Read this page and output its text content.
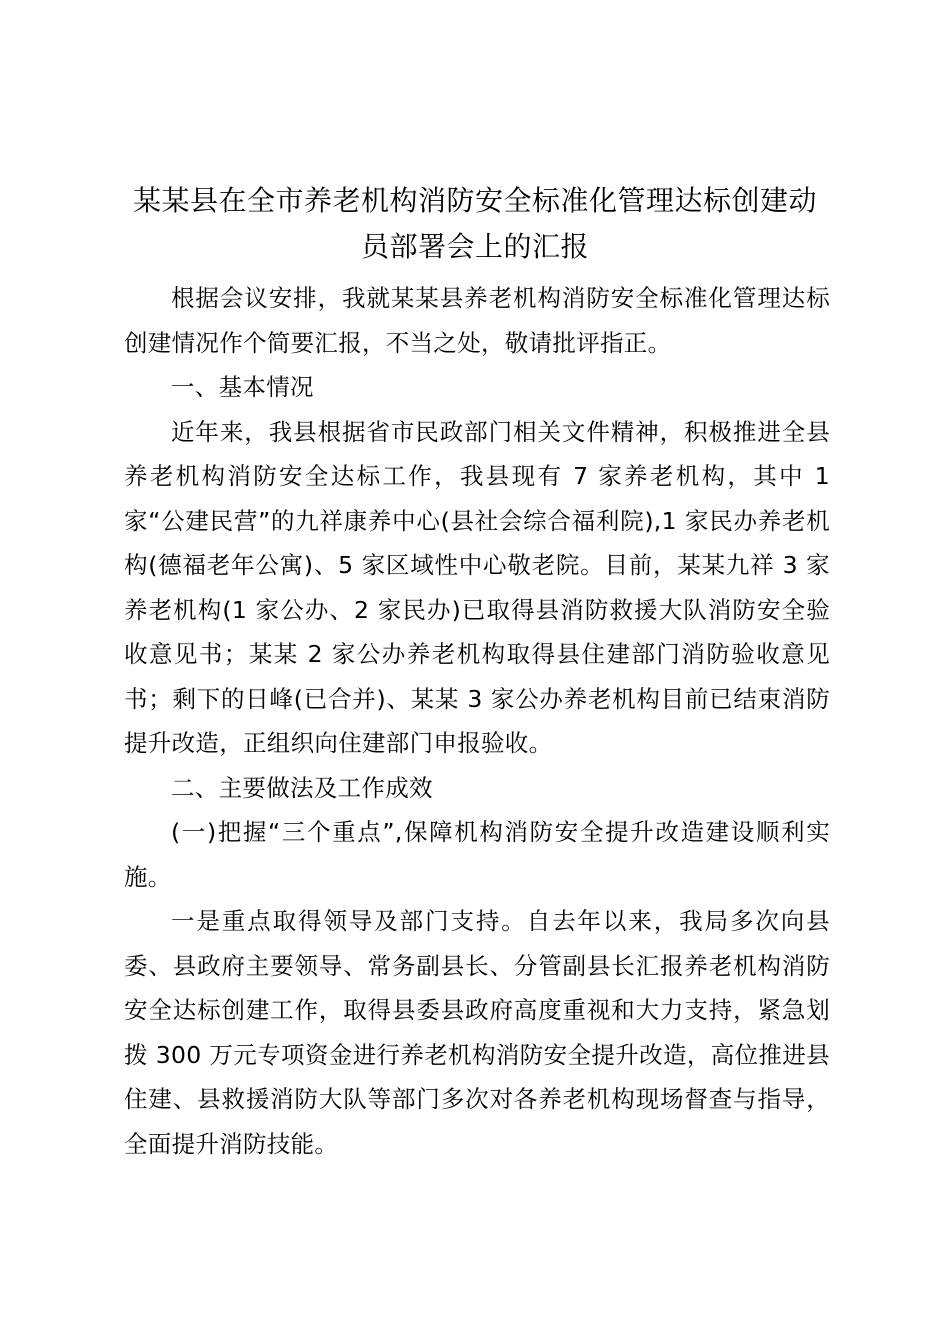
某某县在全市养老机构消防安全标准化管理达标创建动
员部署会上的汇报

根据会议安排，我就某某县养老机构消防安全标准化管理达标创建情况作个简要汇报，不当之处，敬请批评指正。

一、基本情况

近年来，我县根据省市民政部门相关文件精神，积极推进全县养老机构消防安全达标工作，我县现有 7 家养老机构，其中 1 家“公建民营”的九祥康养中心(县社会综合福利院),1 家民办养老机构(德福老年公寓)、5 家区域性中心敬老院。目前，某某九祥 3 家养老机构(1 家公办、2 家民办)已取得县消防救援大队消防安全验收意见书；某某 2 家公办养老机构取得县住建部门消防验收意见书；剩下的日峰(已合并)、某某 3 家公办养老机构目前已结束消防提升改造，正组织向住建部门申报验收。

二、主要做法及工作成效

(一)把握“三个重点”,保障机构消防安全提升改造建设顺利实施。

一是重点取得领导及部门支持。自去年以来，我局多次向县委、县政府主要领导、常务副县长、分管副县长汇报养老机构消防安全达标创建工作，取得县委县政府高度重视和大力支持，紧急划拨 300 万元专项资金进行养老机构消防安全提升改造，高位推进县住建、县救援消防大队等部门多次对各养老机构现场督查与指导，全面提升消防技能。
